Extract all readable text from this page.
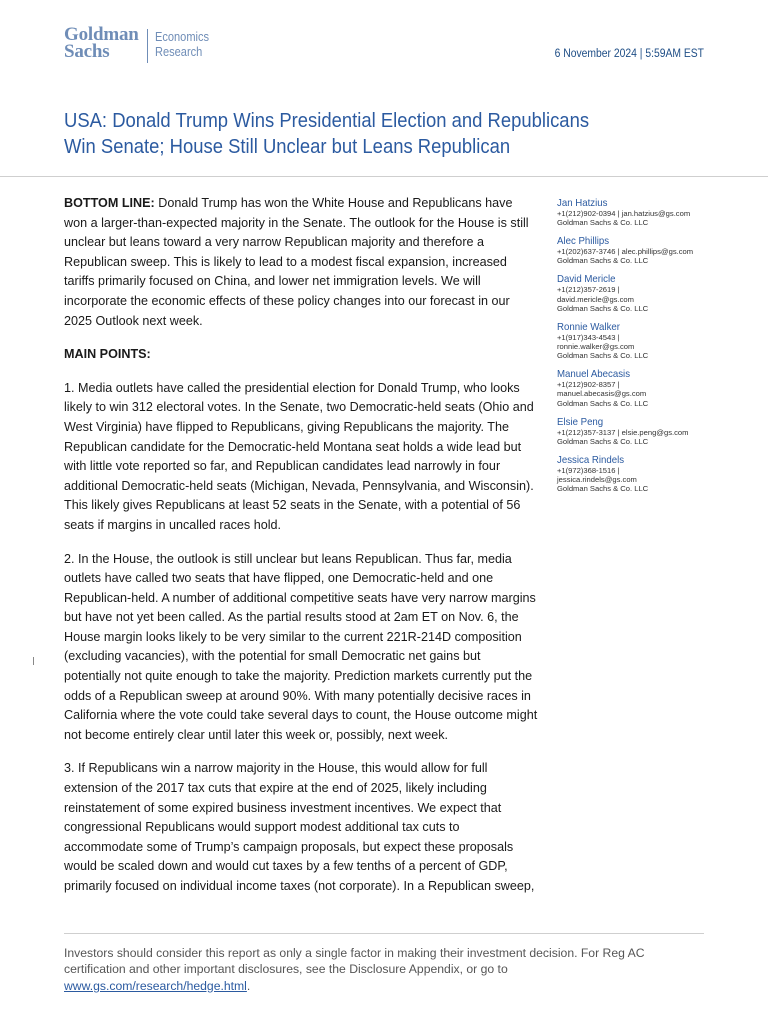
Goldman
Sachs
Economics
Research	6 November 2024 | 5:59AM EST
USA: Donald Trump Wins Presidential Election and Republicans Win Senate; House Still Unclear but Leans Republican

BOTTOM LINE: Donald Trump has won the White House and Republicans have won a larger-than-expected majority in the Senate. The outlook for the House is still unclear but leans toward a very narrow Republican majority and therefore a Republican sweep. This is likely to lead to a modest fiscal expansion, increased tariffs primarily focused on China, and lower net immigration levels. We will incorporate the economic effects of these policy changes into our forecast in our 2025 Outlook next week.

MAIN POINTS:

1. Media outlets have called the presidential election for Donald Trump, who looks likely to win 312 electoral votes. In the Senate, two Democratic-held seats (Ohio and West Virginia) have flipped to Republicans, giving Republicans the majority. The Republican candidate for the Democratic-held Montana seat holds a wide lead but with little vote reported so far, and Republican candidates lead narrowly in four additional Democratic-held seats (Michigan, Nevada, Pennsylvania, and Wisconsin). This likely gives Republicans at least 52 seats in the Senate, with a potential of 56 seats if margins in uncalled races hold.

2. In the House, the outlook is still unclear but leans Republican. Thus far, media outlets have called two seats that have flipped, one Democratic-held and one Republican-held. A number of additional competitive seats have very narrow margins but have not yet been called. As the partial results stood at 2am ET on Nov. 6, the House margin looks likely to be very similar to the current 221R-214D composition (excluding vacancies), with the potential for small Democratic net gains but potentially not quite enough to take the majority. Prediction markets currently put the odds of a Republican sweep at around 90%. With many potentially decisive races in California where the vote could take several days to count, the House outcome might not become entirely clear until later this week or, possibly, next week.

3. If Republicans win a narrow majority in the House, this would allow for full extension of the 2017 tax cuts that expire at the end of 2025, likely including reinstatement of some expired business investment incentives. We expect that congressional Republicans would support modest additional tax cuts to accommodate some of Trump’s campaign proposals, but expect these proposals would be scaled down and would cut taxes by a few tenths of a percent of GDP, primarily focused on individual income taxes (not corporate). In a Republican sweep,

Jan Hatzius
+1(212)902-0394 | jan.hatzius@gs.com
Goldman Sachs & Co. LLC
Alec Phillips
+1(202)637-3746 | alec.phillips@gs.com
Goldman Sachs & Co. LLC
David Mericle
+1(212)357-2619 |
david.mericle@gs.com
Goldman Sachs & Co. LLC
Ronnie Walker
+1(917)343-4543 |
ronnie.walker@gs.com
Goldman Sachs & Co. LLC
Manuel Abecasis
+1(212)902-8357 |
manuel.abecasis@gs.com
Goldman Sachs & Co. LLC
Elsie Peng
+1(212)357-3137 | elsie.peng@gs.com
Goldman Sachs & Co. LLC
Jessica Rindels
+1(972)368-1516 |
jessica.rindels@gs.com
Goldman Sachs & Co. LLC
Investors should consider this report as only a single factor in making their investment decision. For Reg AC certification and other important disclosures, see the Disclosure Appendix, or go to www.gs.com/research/hedge.html.
